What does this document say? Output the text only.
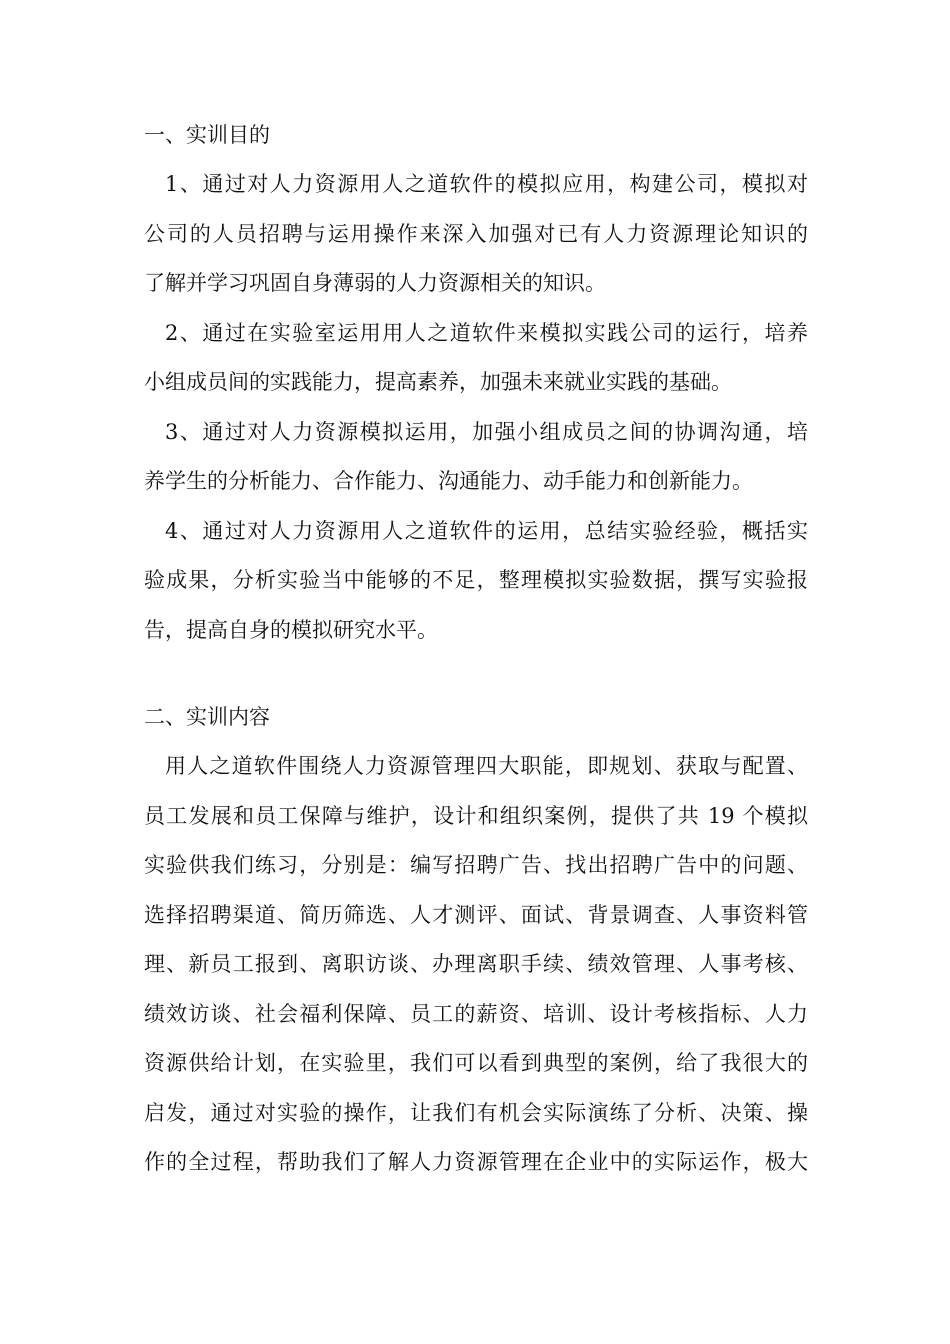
一、实训目的
1、通过对人力资源用人之道软件的模拟应用，构建公司，模拟对
公司的人员招聘与运用操作来深入加强对已有人力资源理论知识的
了解并学习巩固自身薄弱的人力资源相关的知识。
2、通过在实验室运用用人之道软件来模拟实践公司的运行，培养
小组成员间的实践能力，提高素养，加强未来就业实践的基础。
3、通过对人力资源模拟运用，加强小组成员之间的协调沟通，培
养学生的分析能力、合作能力、沟通能力、动手能力和创新能力。
4、通过对人力资源用人之道软件的运用，总结实验经验，概括实
验成果，分析实验当中能够的不足，整理模拟实验数据，撰写实验报
告，提高自身的模拟研究水平。
二、实训内容
用人之道软件围绕人力资源管理四大职能，即规划、获取与配置、
员工发展和员工保障与维护，设计和组织案例，提供了共 19 个模拟
实验供我们练习，分别是：编写招聘广告、找出招聘广告中的问题、
选择招聘渠道、简历筛选、人才测评、面试、背景调查、人事资料管
理、新员工报到、离职访谈、办理离职手续、绩效管理、人事考核、
绩效访谈、社会福利保障、员工的薪资、培训、设计考核指标、人力
资源供给计划，在实验里，我们可以看到典型的案例，给了我很大的
启发，通过对实验的操作，让我们有机会实际演练了分析、决策、操
作的全过程，帮助我们了解人力资源管理在企业中的实际运作，极大
